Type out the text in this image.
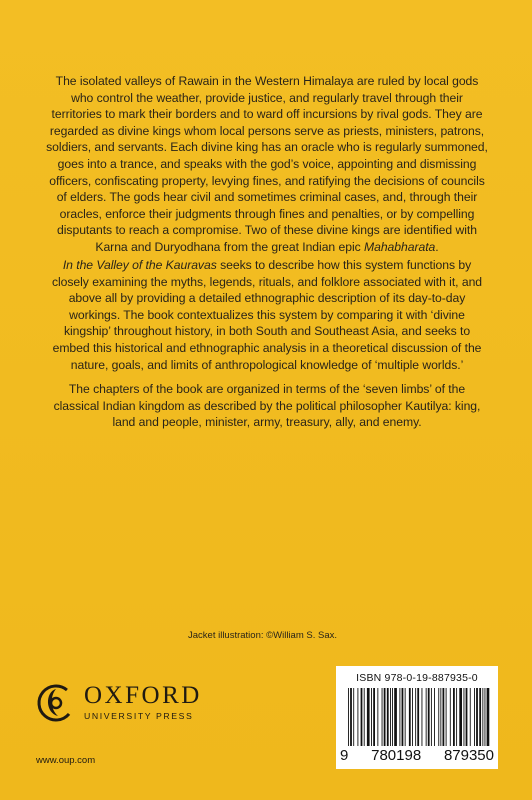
The isolated valleys of Rawain in the Western Himalaya are ruled by local gods who control the weather, provide justice, and regularly travel through their territories to mark their borders and to ward off incursions by rival gods. They are regarded as divine kings whom local persons serve as priests, ministers, patrons, soldiers, and servants. Each divine king has an oracle who is regularly summoned, goes into a trance, and speaks with the god’s voice, appointing and dismissing officers, confiscating property, levying fines, and ratifying the decisions of councils of elders. The gods hear civil and sometimes criminal cases, and, through their oracles, enforce their judgments through fines and penalties, or by compelling disputants to reach a compromise. Two of these divine kings are identified with Karna and Duryodhana from the great Indian epic Mahabharata.

In the Valley of the Kauravas seeks to describe how this system functions by closely examining the myths, legends, rituals, and folklore associated with it, and above all by providing a detailed ethnographic description of its day-to-day workings. The book contextualizes this system by comparing it with ‘divine kingship’ throughout history, in both South and Southeast Asia, and seeks to embed this historical and ethnographic analysis in a theoretical discussion of the nature, goals, and limits of anthropological knowledge of ‘multiple worlds.’

The chapters of the book are organized in terms of the ‘seven limbs’ of the classical Indian kingdom as described by the political philosopher Kautilya: king, land and people, minister, army, treasury, ally, and enemy.

Jacket illustration: ©William S. Sax.
OXFORD
UNIVERSITY PRESS
www.oup.com
ISBN 978-0-19-887935-0
9 780198 879350
